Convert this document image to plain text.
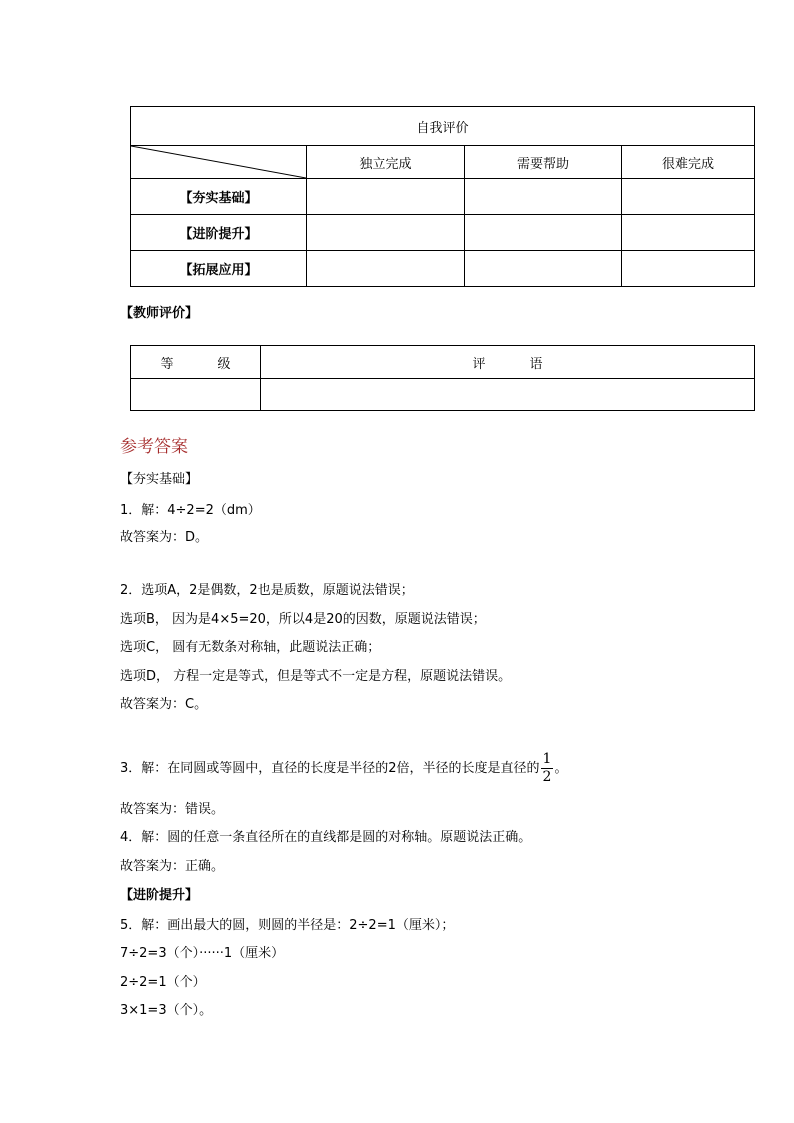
自我评价			

	独立完成	需要帮助	很难完成
【夯实基础】			
【进阶提升】			
【拓展应用】			
【教师评价】
等 级	评 语

参考答案
【夯实基础】
1．解：4÷2=2（dm）
故答案为：D。
2．选项A，2是偶数，2也是质数，原题说法错误；
选项B， 因为是4×5=20，所以4是20的因数，原题说法错误；
选项C， 圆有无数条对称轴，此题说法正确；
选项D， 方程一定是等式，但是等式不一定是方程，原题说法错误。
故答案为：C。
3．解：在同圆或等圆中，直径的长度是半径的2倍，半径的长度是直径的 $\frac{1}{2}$ 。
故答案为：错误。
4．解：圆的任意一条直径所在的直线都是圆的对称轴。原题说法正确。
故答案为：正确。
【进阶提升】
5．解：画出最大的圆，则圆的半径是：2÷2=1（厘米）；
7÷2=3（个）······1（厘米）
2÷2=1（个）
3×1=3（个）。
